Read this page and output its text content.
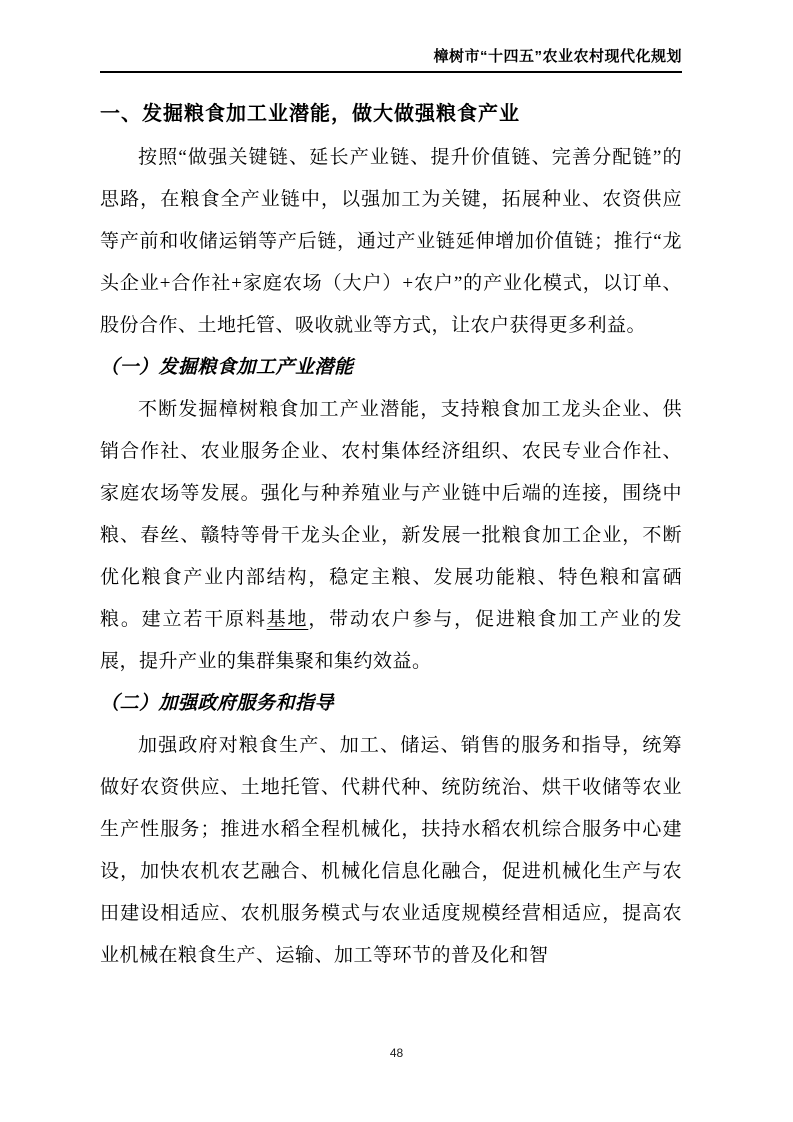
樟树市“十四五”农业农村现代化规划
一、发掘粮食加工业潜能，做大做强粮食产业

按照“做强关键链、延长产业链、提升价值链、完善分配链”的思路，在粮食全产业链中，以强加工为关键，拓展种业、农资供应等产前和收储运销等产后链，通过产业链延伸增加价值链；推行“龙头企业+合作社+家庭农场（大户）+农户”的产业化模式，以订单、股份合作、土地托管、吸收就业等方式，让农户获得更多利益。

（一）发掘粮食加工产业潜能

不断发掘樟树粮食加工产业潜能，支持粮食加工龙头企业、供销合作社、农业服务企业、农村集体经济组织、农民专业合作社、家庭农场等发展。强化与种养殖业与产业链中后端的连接，围绕中粮、春丝、赣特等骨干龙头企业，新发展一批粮食加工企业，不断优化粮食产业内部结构，稳定主粮、发展功能粮、特色粮和富硒粮。建立若干原料基地，带动农户参与，促进粮食加工产业的发展，提升产业的集群集聚和集约效益。

（二）加强政府服务和指导

加强政府对粮食生产、加工、储运、销售的服务和指导，统筹做好农资供应、土地托管、代耕代种、统防统治、烘干收储等农业生产性服务；推进水稻全程机械化，扶持水稻农机综合服务中心建设，加快农机农艺融合、机械化信息化融合，促进机械化生产与农田建设相适应、农机服务模式与农业适度规模经营相适应，提高农业机械在粮食生产、运输、加工等环节的普及化和智

48
